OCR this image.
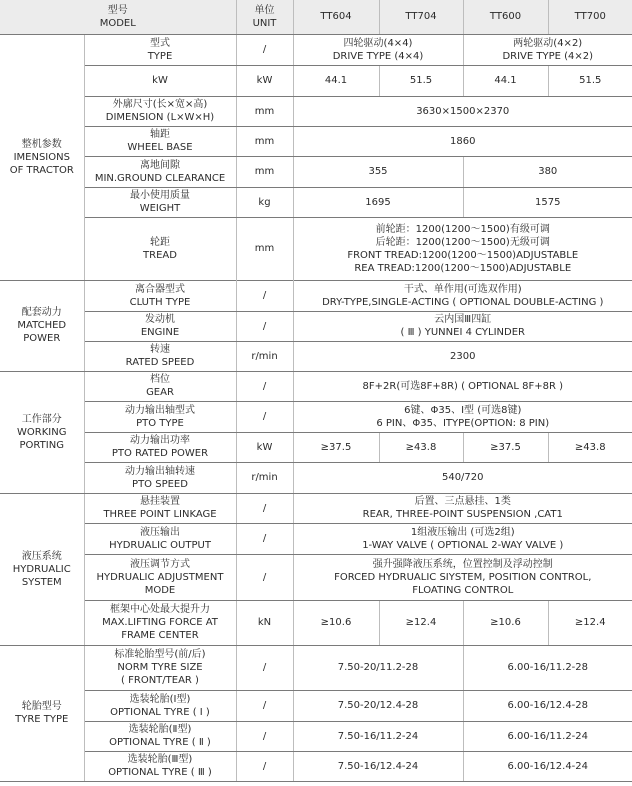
型号
MODEL		单位
UNIT	TT604	TT704	TT600	TT700

整机参数
IMENSIONS
OF TRACTOR	型式
TYPE	/	四轮驱动(4×4)
DRIVE TYPE (4×4)		两轮驱动(4×2)
DRIVE TYPE (4×2)	

	kW	kW	44.1	51.5	44.1	51.5

	外廓尺寸(长×宽×高)
DIMENSION (L×W×H)	mm	3630×1500×2370			

	轴距
WHEEL BASE	mm	1860			

	离地间隙
MIN.GROUND CLEARANCE	mm	355		380	

	最小使用质量
WEIGHT	kg	1695		1575	

	轮距
TREAD	mm	前轮距：1200(1200～1500)有级可调
后轮距：1200(1200～1500)无级可调
FRONT TREAD:1200(1200～1500)ADJUSTABLE
REA TREAD:1200(1200～1500)ADJUSTABLE			

配套动力
MATCHED
POWER	离合器型式
CLUTH TYPE	/	干式、单作用(可选双作用)
DRY-TYPE,SINGLE-ACTING ( OPTIONAL DOUBLE-ACTING )			

	发动机
ENGINE	/	云内国Ⅲ四缸
( Ⅲ ) YUNNEI 4 CYLINDER			

	转速
RATED SPEED	r/min	2300			

工作部分
WORKING
PORTING	档位
GEAR	/	8F+2R(可选8F+8R) ( OPTIONAL 8F+8R )			

	动力输出轴型式
PTO TYPE	/	6键、Φ35、Ⅰ型 (可选8键)
6 PIN、Φ35、ⅠTYPE(OPTION: 8 PIN)			

	动力输出功率
PTO RATED POWER	kW	≥37.5	≥43.8	≥37.5	≥43.8

	动力输出轴转速
PTO SPEED	r/min	540/720			

液压系统
HYDRUALIC
SYSTEM	悬挂装置
THREE POINT LINKAGE	/	后置、三点悬挂、1类
REAR, THREE-POINT SUSPENSION ,CAT1			

	液压输出
HYDRUALIC OUTPUT	/	1组液压输出 (可选2组)
1-WAY VALVE ( OPTIONAL 2-WAY VALVE )			

	液压调节方式
HYDRUALIC ADJUSTMENT
MODE	/	强升强降液压系统，位置控制及浮动控制
FORCED HYDRUALIC SIYSTEM, POSITION CONTROL,
FLOATING CONTROL			

	框架中心处最大提升力
MAX.LIFTING FORCE AT
FRAME CENTER	kN	≥10.6	≥12.4	≥10.6	≥12.4

轮胎型号
TYRE TYPE	标准轮胎型号(前/后)
NORM TYRE SIZE
( FRONT/TEAR )	/	7.50-20/11.2-28		6.00-16/11.2-28	

	选装轮胎(Ⅰ型)
OPTIONAL TYRE ( Ⅰ )	/	7.50-20/12.4-28		6.00-16/12.4-28	

	选装轮胎(Ⅱ型)
OPTIONAL TYRE ( Ⅱ )	/	7.50-16/11.2-24		6.00-16/11.2-24	

	选装轮胎(Ⅲ型)
OPTIONAL TYRE ( Ⅲ )	/	7.50-16/12.4-24		6.00-16/12.4-24	
